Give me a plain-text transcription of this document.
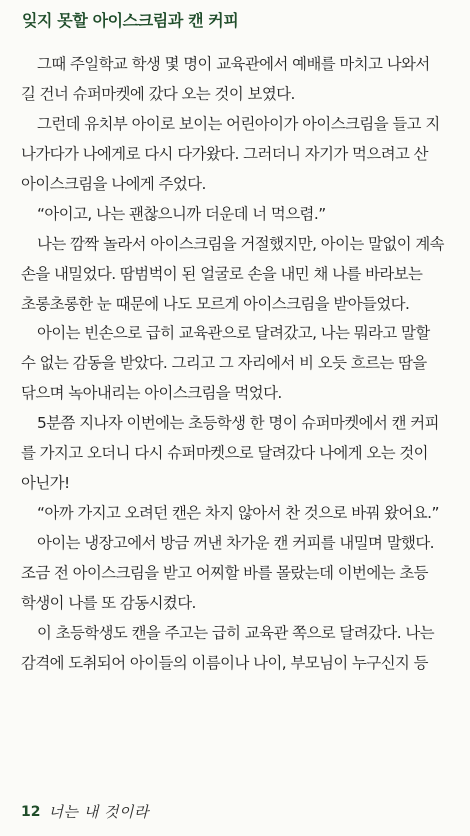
잊지 못할 아이스크림과 캔 커피
그때 주일학교 학생 몇 명이 교육관에서 예배를 마치고 나와서
길 건너 슈퍼마켓에 갔다 오는 것이 보였다.
그런데 유치부 아이로 보이는 어린아이가 아이스크림을 들고 지
나가다가 나에게로 다시 다가왔다. 그러더니 자기가 먹으려고 산
아이스크림을 나에게 주었다.
“아이고, 나는 괜찮으니까 더운데 너 먹으렴.”
나는 깜짝 놀라서 아이스크림을 거절했지만, 아이는 말없이 계속
손을 내밀었다. 땀범벅이 된 얼굴로 손을 내민 채 나를 바라보는
초롱초롱한 눈 때문에 나도 모르게 아이스크림을 받아들었다.
아이는 빈손으로 급히 교육관으로 달려갔고, 나는 뭐라고 말할
수 없는 감동을 받았다. 그리고 그 자리에서 비 오듯 흐르는 땀을
닦으며 녹아내리는 아이스크림을 먹었다.
5분쯤 지나자 이번에는 초등학생 한 명이 슈퍼마켓에서 캔 커피
를 가지고 오더니 다시 슈퍼마켓으로 달려갔다 나에게 오는 것이
아닌가!
“아까 가지고 오려던 캔은 차지 않아서 찬 것으로 바꿔 왔어요.”
아이는 냉장고에서 방금 꺼낸 차가운 캔 커피를 내밀며 말했다.
조금 전 아이스크림을 받고 어찌할 바를 몰랐는데 이번에는 초등
학생이 나를 또 감동시켰다.
이 초등학생도 캔을 주고는 급히 교육관 쪽으로 달려갔다. 나는
감격에 도취되어 아이들의 이름이나 나이, 부모님이 누구신지 등
12 너는 내 것이라
